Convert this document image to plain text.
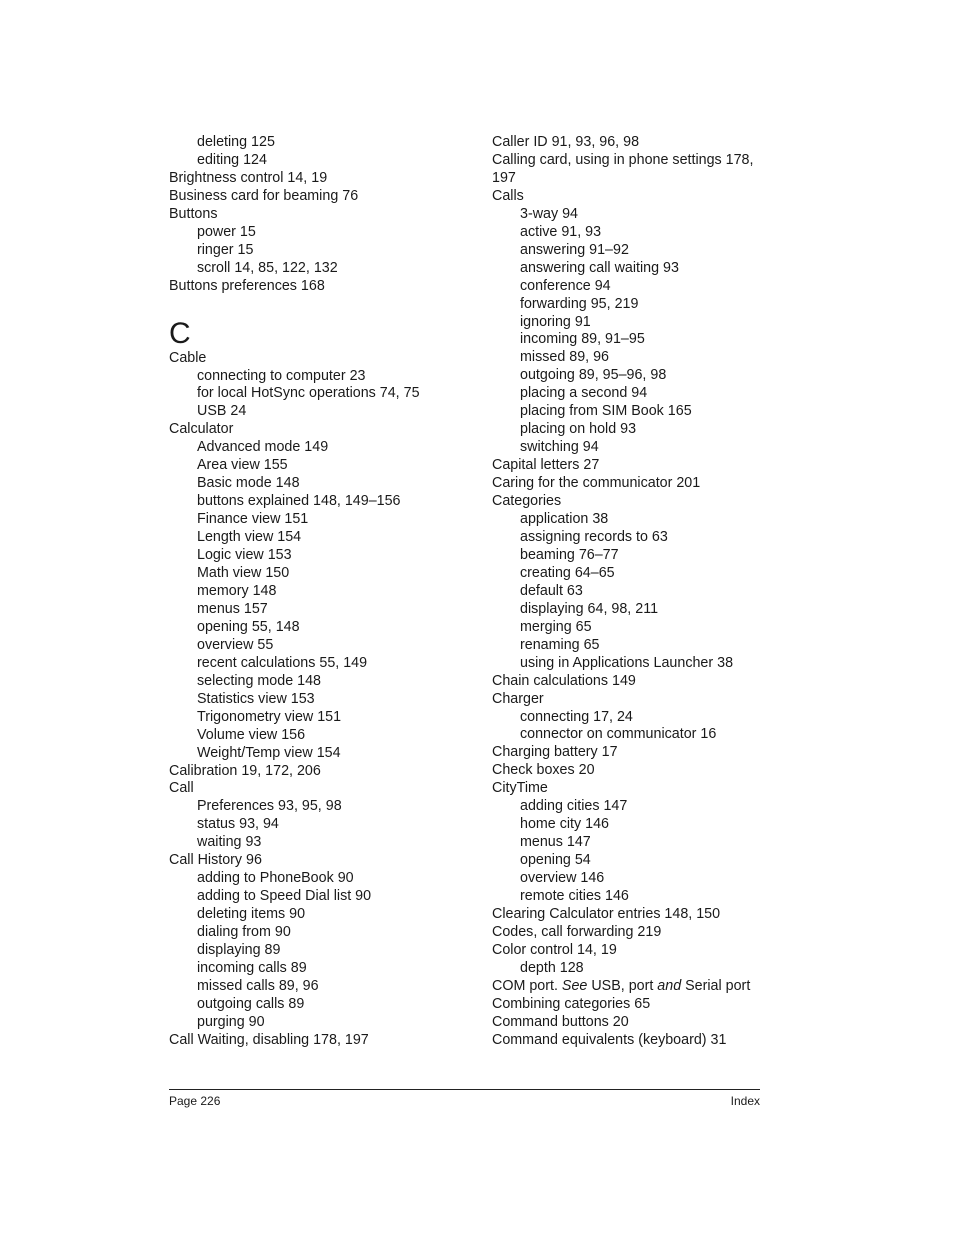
deleting 125

editing 124

Brightness control 14, 19

Business card for beaming 76

Buttons

power 15

ringer 15

scroll 14, 85, 122, 132

Buttons preferences 168

C

Cable

connecting to computer 23

for local HotSync operations 74, 75

USB 24

Calculator

Advanced mode 149

Area view 155

Basic mode 148

buttons explained 148, 149–156

Finance view 151

Length view 154

Logic view 153

Math view 150

memory 148

menus 157

opening 55, 148

overview 55

recent calculations 55, 149

selecting mode 148

Statistics view 153

Trigonometry view 151

Volume view 156

Weight/Temp view 154

Calibration 19, 172, 206

Call

Preferences 93, 95, 98

status 93, 94

waiting 93

Call History 96

adding to PhoneBook 90

adding to Speed Dial list 90

deleting items 90

dialing from 90

displaying 89

incoming calls 89

missed calls 89, 96

outgoing calls 89

purging 90

Call Waiting, disabling 178, 197

Caller ID 91, 93, 96, 98

Calling card, using in phone settings 178, 197

Calls

3-way 94

active 91, 93

answering 91–92

answering call waiting 93

conference 94

forwarding 95, 219

ignoring 91

incoming 89, 91–95

missed 89, 96

outgoing 89, 95–96, 98

placing a second 94

placing from SIM Book 165

placing on hold 93

switching 94

Capital letters 27

Caring for the communicator 201

Categories

application 38

assigning records to 63

beaming 76–77

creating 64–65

default 63

displaying 64, 98, 211

merging 65

renaming 65

using in Applications Launcher 38

Chain calculations 149

Charger

connecting 17, 24

connector on communicator 16

Charging battery 17

Check boxes 20

CityTime

adding cities 147

home city 146

menus 147

opening 54

overview 146

remote cities 146

Clearing Calculator entries 148, 150

Codes, call forwarding 219

Color control 14, 19

depth 128

COM port. See USB, port and Serial port

Combining categories 65

Command buttons 20

Command equivalents (keyboard) 31

Page 226	Index
